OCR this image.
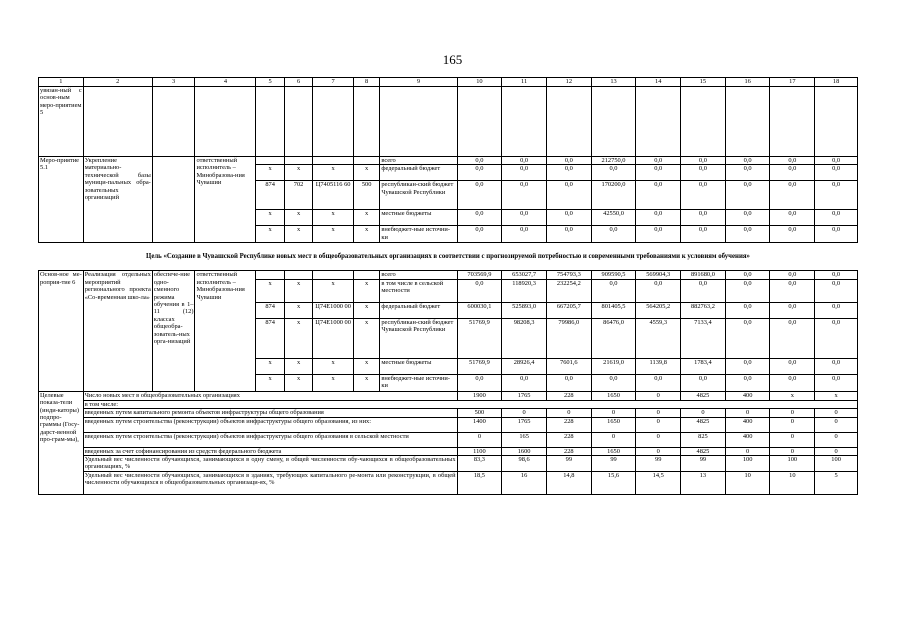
165
1	2	3	4	5	6	7	8	9	10	11	12	13	14	15	16	17	18
увязан-ный с основ-ным меро-приятием 5																	
Меро-приятие 5.1	Укрепление материально-технической базы муници-пальных обра-зовательных организаций		ответственный исполнитель – Минобразова-ния Чувашии					всего	0,0	0,0	0,0	212750,0	0,0	0,0	0,0	0,0	0,0
				x	x	x	x	федеральный бюджет	0,0	0,0	0,0	0,0	0,0	0,0	0,0	0,0	0,0
				874	702	Ц7405116 60	500	республикан-ский бюджет Чувашской Республики	0,0	0,0	0,0	170200,0	0,0	0,0	0,0	0,0	0,0
				x	x	x	x	местные бюджеты	0,0	0,0	0,0	42550,0	0,0	0,0	0,0	0,0	0,0
				x	x	x	x	внебюджет-ные источни-ки	0,0	0,0	0,0	0,0	0,0	0,0	0,0	0,0	0,0
Цель «Создание в Чувашской Республике новых мест в общеобразовательных организациях в соответствии с прогнозируемой потребностью и современными требованиями к условиям обучения»																	
Основ-ное ме-роприя-тие 6	Реализация отдельных мероприятий регионального проекта «Со-временная шко-ла»	обеспече-ние одно-сменного режима обучения в 1–11 (12) классах общеобра-зователь-ных орга-низаций	ответственный исполнитель – Минобразова-ния Чувашии					всего	703569,9	653027,7	754793,3	909590,5	569904,3	891680,0	0,0	0,0	0,0
				x	x	x	x	в том числе в сельской местности	0,0	118920,3	232254,2	0,0	0,0	0,0	0,0	0,0	0,0
				874	x	Ц74Е1000 00	x	федеральный бюджет	600030,1	525893,0	667205,7	801405,5	564205,2	882763,2	0,0	0,0	0,0
				874	x	Ц74Е1000 00	x	республикан-ский бюджет Чувашской Республики	51769,9	98208,3	79986,0	86476,0	4559,3	7133,4	0,0	0,0	0,0
				x	x	x	x	местные бюджеты	51769,9	28926,4	7601,6	21619,0	1139,8	1783,4	0,0	0,0	0,0
				x	x	x	x	внебюджет-ные источни-ки	0,0	0,0	0,0	0,0	0,0	0,0	0,0	0,0	0,0
Целевые показа-тели (инди-каторы) подпро-граммы (Госу-дарст-венной про-грам-мы),	Число новых мест в общеобразовательных организациях								1900	1765	228	1650	0	4825	400	x	x
	в том числе:																
	введенных путем капитального ремонта объектов инфраструктуры общего образования								500	0	0	0	0	0	0	0	0
	введенных путем строительства (реконструкции) объектов инфраструктуры общего образования, из них:								1400	1765	228	1650	0	4825	400	0	0
	введенных путем строительства (реконструкции) объектов инфраструктуры общего образования в сельской местности								0	165	228	0	0	825	400	0	0
	введенных за счет софинансирования из средств федерального бюджета								1100	1600	228	1650	0	4825	0	0	0
	Удельный вес численности обучающихся, занимающихся в одну смену, в общей численности обу-чающихся в общеобразовательных организациях, %								83,3	98,6	99	99	99	99	100	100	100
	Удельный вес численности обучающихся, занимающихся в зданиях, требующих капитального ре-монта или реконструкции, в общей численности обучающихся в общеобразовательных организаци-ях, %								18,5	16	14,8	15,6	14,5	13	10	10	5
